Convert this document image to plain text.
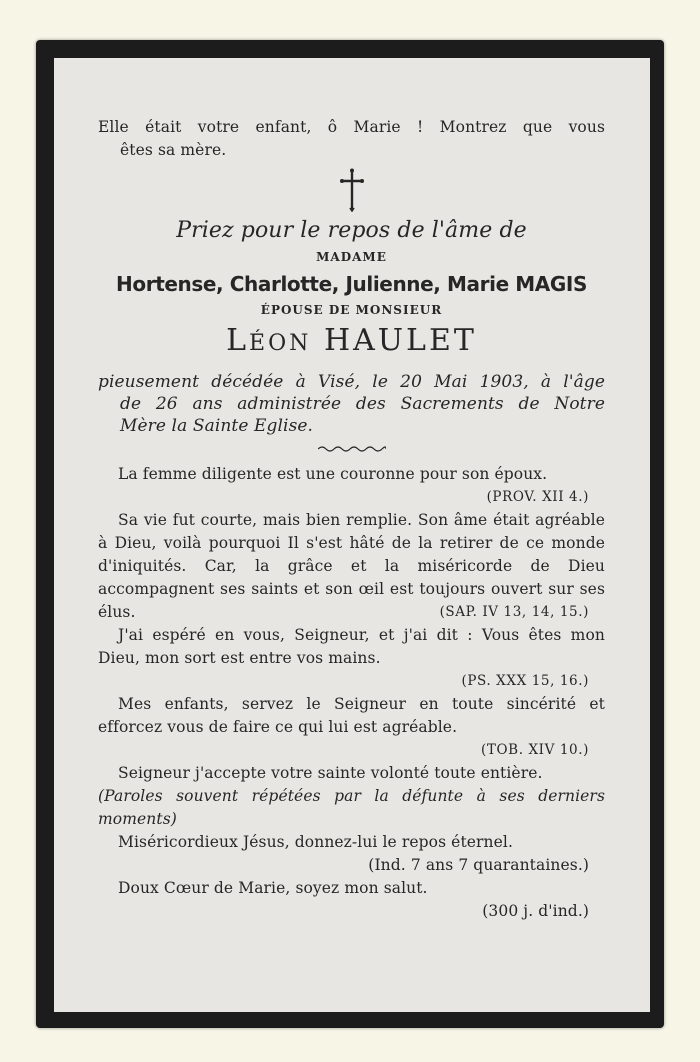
Elle était votre enfant, ô Marie ! Montrez que vous

êtes sa mère.

Priez pour le repos de l'âme de

MADAME

Hortense, Charlotte, Julienne, Marie MAGIS

ÉPOUSE DE MONSIEUR

LÉON HAULET

pieusement décédée à Visé, le 20 Mai 1903, à l'âge

de 26 ans administrée des Sacrements de Notre

Mère la Sainte Eglise.

La femme diligente est une couronne pour son époux.

(PROV. XII 4.)

Sa vie fut courte, mais bien remplie. Son âme était agréable à Dieu, voilà pourquoi Il s'est hâté de la retirer de ce monde d'iniquités. Car, la grâce et la miséricorde de Dieu accompagnent ses saints et son œil est toujours ouvert sur ses élus.	(SAP. IV 13, 14, 15.)

J'ai espéré en vous, Seigneur, et j'ai dit : Vous êtes mon Dieu, mon sort est entre vos mains.

(PS. XXX 15, 16.)

Mes enfants, servez le Seigneur en toute sincérité et efforcez vous de faire ce qui lui est agréable.

(TOB. XIV 10.)

Seigneur j'accepte votre sainte volonté toute entière.

(Paroles souvent répétées par la défunte à ses derniers moments)

Miséricordieux Jésus, donnez-lui le repos éternel.

(Ind. 7 ans 7 quarantaines.)

Doux Cœur de Marie, soyez mon salut.

(300 j. d'ind.)
